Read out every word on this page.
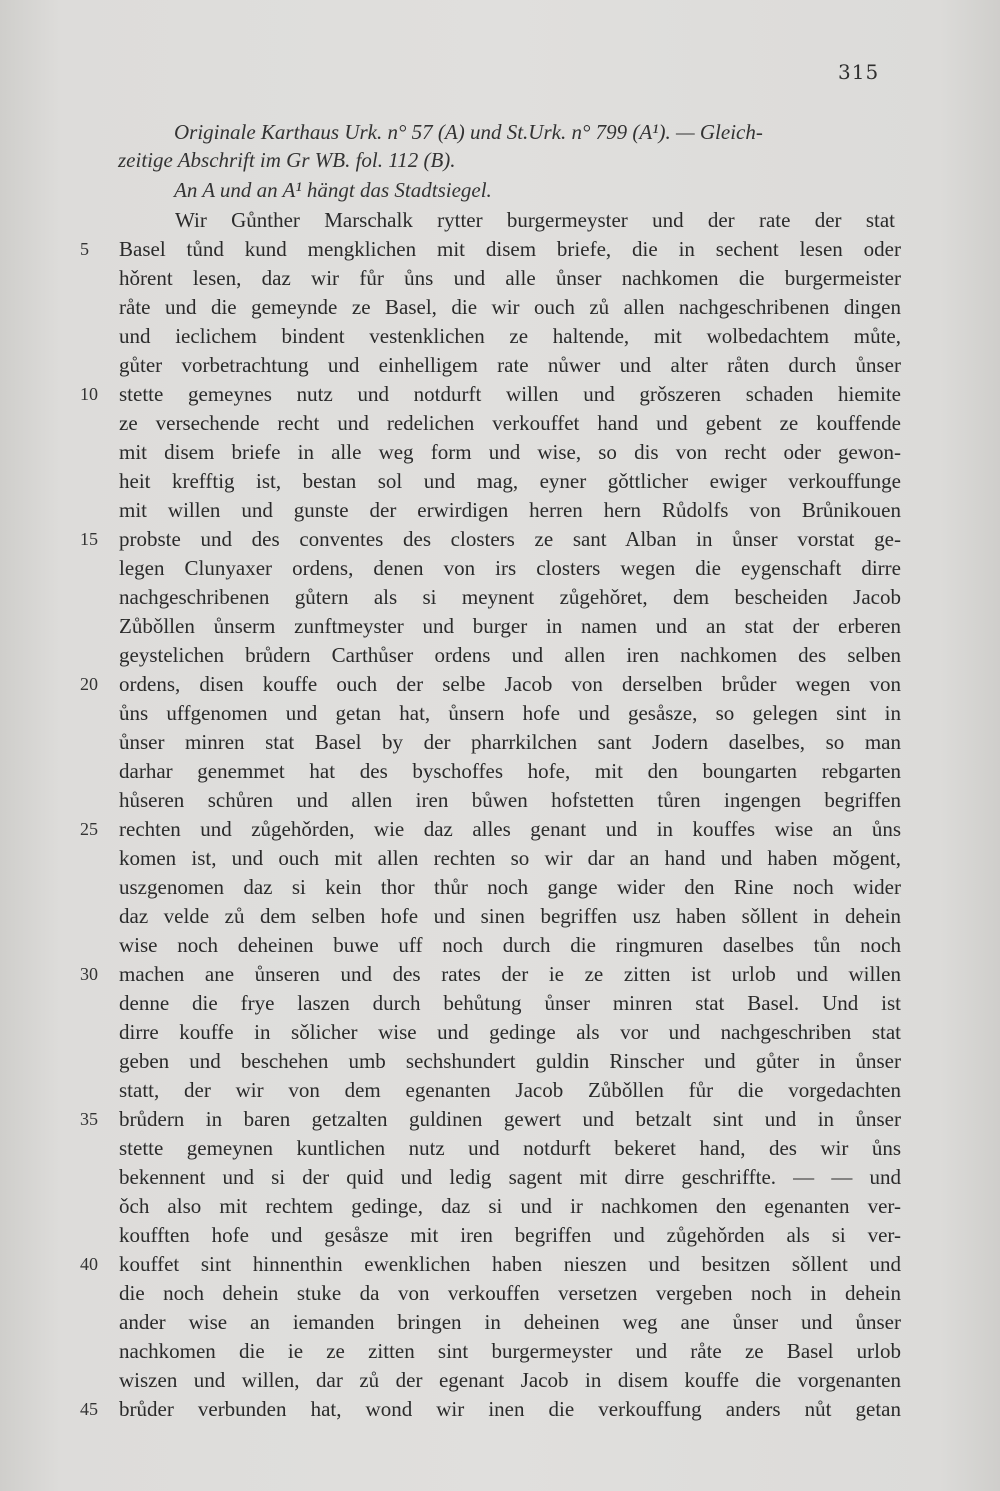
315
Originale Karthaus Urk. n° 57 (A) und St.Urk. n° 799 (A¹). — Gleich-
zeitige Abschrift im Gr WB. fol. 112 (B).
An A und an A¹ hängt das Stadtsiegel.
Wir Gůnther Marschalk rytter burgermeyster und der rate der stat
5	Basel tůnd kund mengklichen mit disem briefe, die in sechent lesen oder
hǒrent lesen, daz wir fůr ůns und alle ůnser nachkomen die burgermeister
råte und die gemeynde ze Basel, die wir ouch zů allen nachgeschribenen dingen
und ieclichem bindent vestenklichen ze haltende, mit wolbedachtem můte,
gůter vorbetrachtung und einhelligem rate nůwer und alter råten durch ůnser
10	stette gemeynes nutz und notdurft willen und grǒszeren schaden hiemite
ze versechende recht und redelichen verkouffet hand und gebent ze kouffende
mit disem briefe in alle weg form und wise, so dis von recht oder gewon-
heit krefftig ist, bestan sol und mag, eyner gǒttlicher ewiger verkouffunge
mit willen und gunste der erwirdigen herren hern Růdolfs von Brůnikouen
15	probste und des conventes des closters ze sant Alban in ůnser vorstat ge-
legen Clunyaxer ordens, denen von irs closters wegen die eygenschaft dirre
nachgeschribenen gůtern als si meynent zůgehǒret, dem bescheiden Jacob
Zůbǒllen ůnserm zunftmeyster und burger in namen und an stat der erberen
geystelichen brůdern Carthůser ordens und allen iren nachkomen des selben
20	ordens, disen kouffe ouch der selbe Jacob von derselben brůder wegen von
ůns uffgenomen und getan hat, ůnsern hofe und gesåsze, so gelegen sint in
ůnser minren stat Basel by der pharrkilchen sant Jodern daselbes, so man
darhar genemmet hat des byschoffes hofe, mit den boungarten rebgarten
hůseren schůren und allen iren bůwen hofstetten tůren ingengen begriffen
25	rechten und zůgehǒrden, wie daz alles genant und in kouffes wise an ůns
komen ist, und ouch mit allen rechten so wir dar an hand und haben mǒgent,
uszgenomen daz si kein thor thůr noch gange wider den Rine noch wider
daz velde zů dem selben hofe und sinen begriffen usz haben sǒllent in dehein
wise noch deheinen buwe uff noch durch die ringmuren daselbes tůn noch
30	machen ane ůnseren und des rates der ie ze zitten ist urlob und willen
denne die frye laszen durch behůtung ůnser minren stat Basel. Und ist
dirre kouffe in sǒlicher wise und gedinge als vor und nachgeschriben stat
geben und beschehen umb sechshundert guldin Rinscher und gůter in ůnser
statt, der wir von dem egenanten Jacob Zůbǒllen fůr die vorgedachten
35	brůdern in baren getzalten guldinen gewert und betzalt sint und in ůnser
stette gemeynen kuntlichen nutz und notdurft bekeret hand, des wir ůns
bekennent und si der quid und ledig sagent mit dirre geschriffte. — — und
ǒch also mit rechtem gedinge, daz si und ir nachkomen den egenanten ver-
koufften hofe und gesåsze mit iren begriffen und zůgehǒrden als si ver-
40	kouffet sint hinnenthin ewenklichen haben nieszen und besitzen sǒllent und
die noch dehein stuke da von verkouffen versetzen vergeben noch in dehein
ander wise an iemanden bringen in deheinen weg ane ůnser und ůnser
nachkomen die ie ze zitten sint burgermeyster und råte ze Basel urlob
wiszen und willen, dar zů der egenant Jacob in disem kouffe die vorgenanten
45	brůder verbunden hat, wond wir inen die verkouffung anders nůt getan
